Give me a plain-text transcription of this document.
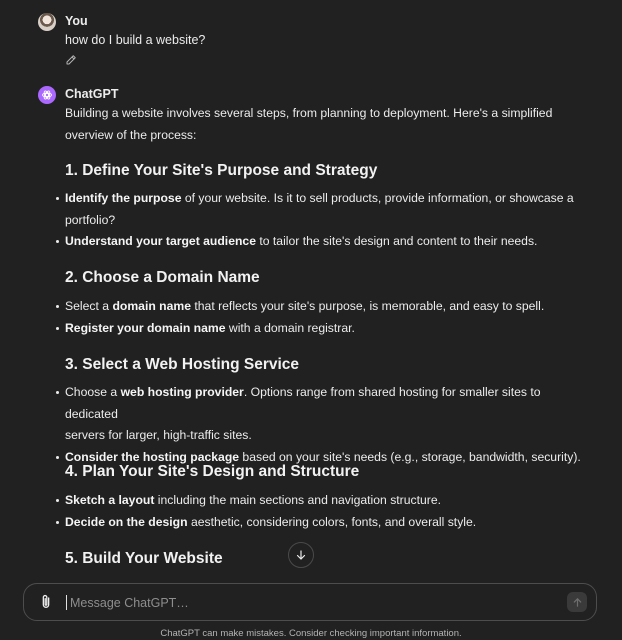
You
how do I build a website?
ChatGPT

Building a website involves several steps, from planning to deployment. Here's a simplified

overview of the process:

1. Define Your Site's Purpose and Strategy
Identify the purpose of your website. Is it to sell products, provide information, or showcase a
portfolio?
Understand your target audience to tailor the site's design and content to their needs.
2. Choose a Domain Name
Select a domain name that reflects your site's purpose, is memorable, and easy to spell.
Register your domain name with a domain registrar.
3. Select a Web Hosting Service
Choose a web hosting provider. Options range from shared hosting for smaller sites to dedicated
servers for larger, high-traffic sites.
Consider the hosting package based on your site's needs (e.g., storage, bandwidth, security).
4. Plan Your Site's Design and Structure
Sketch a layout including the main sections and navigation structure.
Decide on the design aesthetic, considering colors, fonts, and overall style.
5. Build Your Website
Message ChatGPT…
ChatGPT can make mistakes. Consider checking important information.
